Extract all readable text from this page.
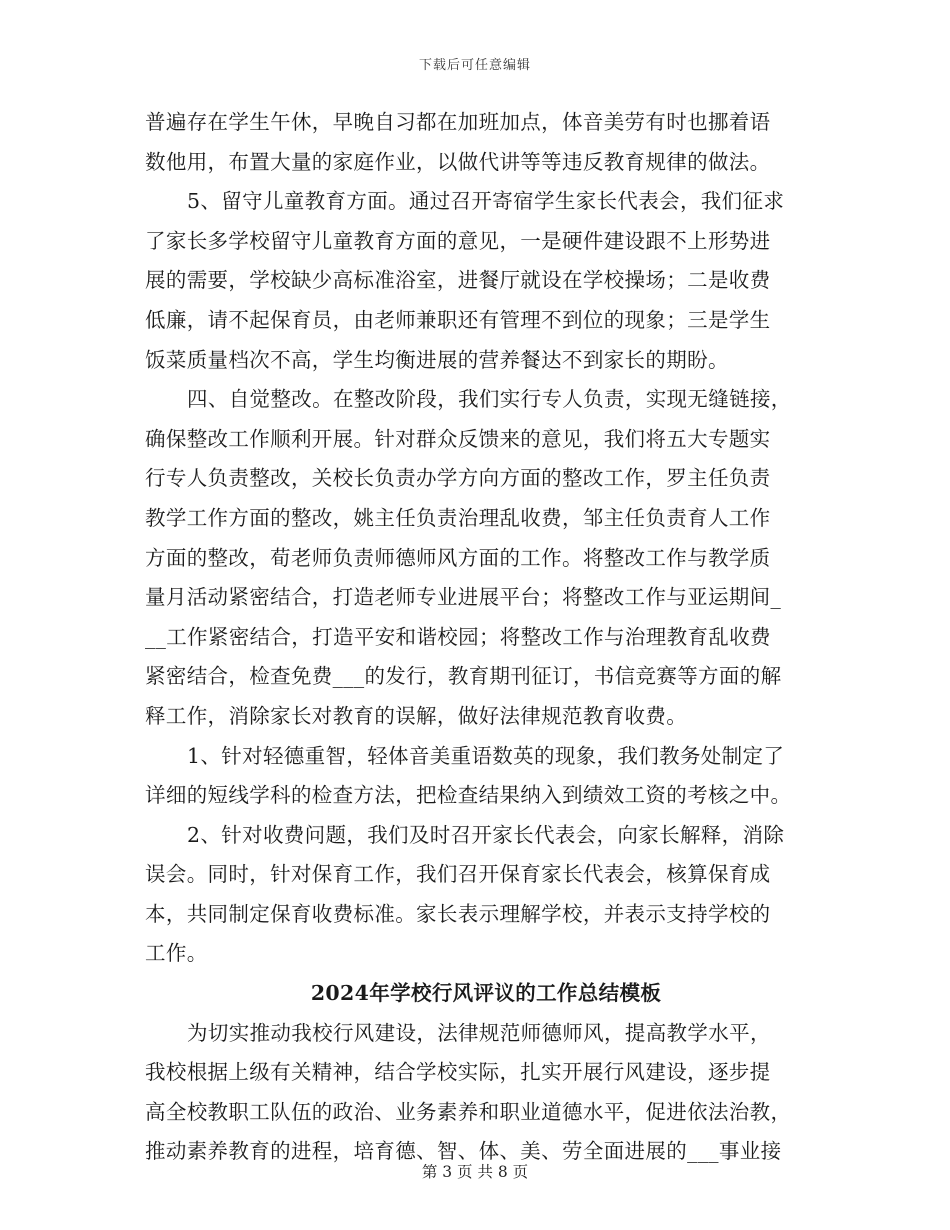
下载后可任意编辑
普遍存在学生午休，早晚自习都在加班加点，体音美劳有时也挪着语
数他用，布置大量的家庭作业，以做代讲等等违反教育规律的做法。
5、留守儿童教育方面。通过召开寄宿学生家长代表会，我们征求
了家长多学校留守儿童教育方面的意见，一是硬件建设跟不上形势进
展的需要，学校缺少高标准浴室，进餐厅就设在学校操场；二是收费
低廉，请不起保育员，由老师兼职还有管理不到位的现象；三是学生
饭菜质量档次不高，学生均衡进展的营养餐达不到家长的期盼。
四、自觉整改。在整改阶段，我们实行专人负责，实现无缝链接，
确保整改工作顺利开展。针对群众反馈来的意见，我们将五大专题实
行专人负责整改，关校长负责办学方向方面的整改工作，罗主任负责
教学工作方面的整改，姚主任负责治理乱收费，邹主任负责育人工作
方面的整改，荀老师负责师德师风方面的工作。将整改工作与教学质
量月活动紧密结合，打造老师专业进展平台；将整改工作与亚运期间_
__工作紧密结合，打造平安和谐校园；将整改工作与治理教育乱收费
紧密结合，检查免费___的发行，教育期刊征订，书信竞赛等方面的解
释工作，消除家长对教育的误解，做好法律规范教育收费。
1、针对轻德重智，轻体音美重语数英的现象，我们教务处制定了
详细的短线学科的检查方法，把检查结果纳入到绩效工资的考核之中。
2、针对收费问题，我们及时召开家长代表会，向家长解释，消除
误会。同时，针对保育工作，我们召开保育家长代表会，核算保育成
本，共同制定保育收费标准。家长表示理解学校，并表示支持学校的
工作。
2024年学校行风评议的工作总结模板
为切实推动我校行风建设，法律规范师德师风，提高教学水平，
我校根据上级有关精神，结合学校实际，扎实开展行风建设，逐步提
高全校教职工队伍的政治、业务素养和职业道德水平，促进依法治教，
推动素养教育的进程，培育德、智、体、美、劳全面进展的___事业接
第 3 页 共 8 页
